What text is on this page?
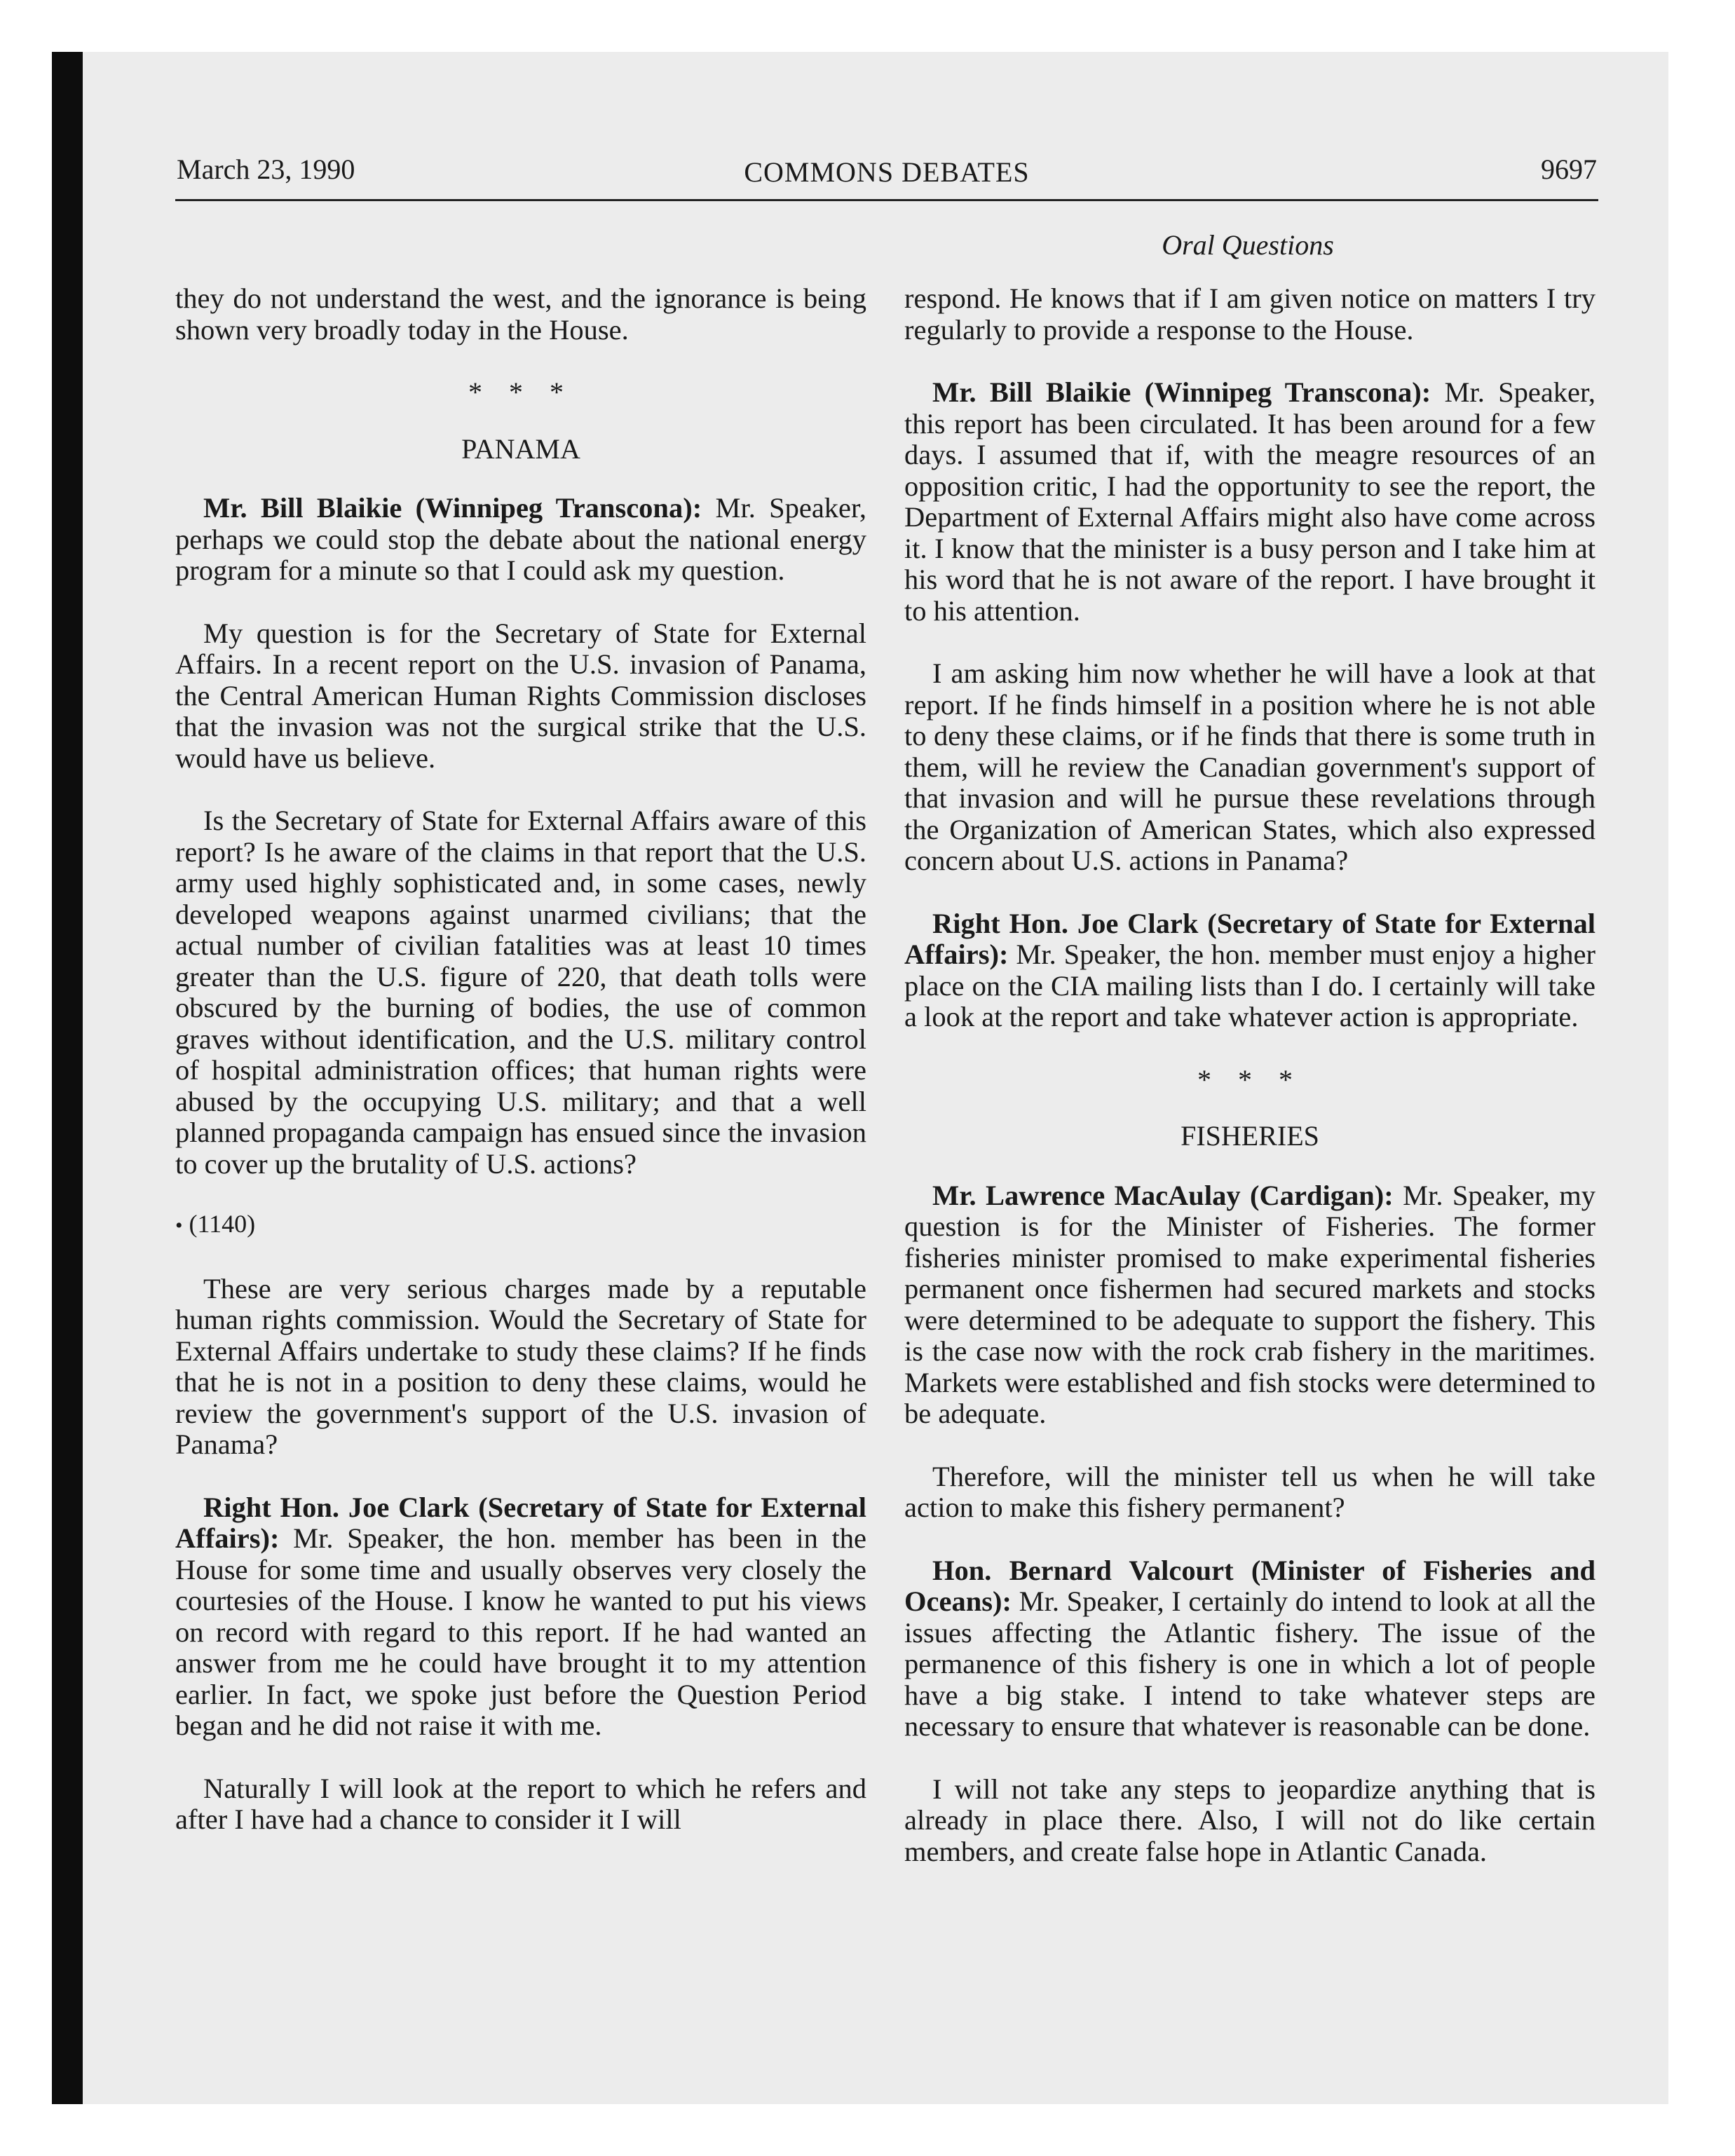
March 23, 1990	COMMONS DEBATES	9697
Oral Questions

they do not understand the west, and the ignorance is being shown very broadly today in the House.

* * *
PANAMA

Mr. Bill Blaikie (Winnipeg Transcona): Mr. Speaker, perhaps we could stop the debate about the national energy program for a minute so that I could ask my question.

My question is for the Secretary of State for External Affairs. In a recent report on the U.S. invasion of Panama, the Central American Human Rights Commission discloses that the invasion was not the surgical strike that the U.S. would have us believe.

Is the Secretary of State for External Affairs aware of this report? Is he aware of the claims in that report that the U.S. army used highly sophisticated and, in some cases, newly developed weapons against unarmed civilians; that the actual number of civilian fatalities was at least 10 times greater than the U.S. figure of 220, that death tolls were obscured by the burning of bodies, the use of common graves without identification, and the U.S. military control of hospital administration offices; that human rights were abused by the occupying U.S. military; and that a well planned propaganda campaign has ensued since the invasion to cover up the brutality of U.S. actions?

• (1140)

These are very serious charges made by a reputable human rights commission. Would the Secretary of State for External Affairs undertake to study these claims? If he finds that he is not in a position to deny these claims, would he review the government's support of the U.S. invasion of Panama?

Right Hon. Joe Clark (Secretary of State for External Affairs): Mr. Speaker, the hon. member has been in the House for some time and usually observes very closely the courtesies of the House. I know he wanted to put his views on record with regard to this report. If he had wanted an answer from me he could have brought it to my attention earlier. In fact, we spoke just before the Question Period began and he did not raise it with me.

Naturally I will look at the report to which he refers and after I have had a chance to consider it I will

respond. He knows that if I am given notice on matters I try regularly to provide a response to the House.

Mr. Bill Blaikie (Winnipeg Transcona): Mr. Speaker, this report has been circulated. It has been around for a few days. I assumed that if, with the meagre resources of an opposition critic, I had the opportunity to see the report, the Department of External Affairs might also have come across it. I know that the minister is a busy person and I take him at his word that he is not aware of the report. I have brought it to his attention.

I am asking him now whether he will have a look at that report. If he finds himself in a position where he is not able to deny these claims, or if he finds that there is some truth in them, will he review the Canadian government's support of that invasion and will he pursue these revelations through the Organization of American States, which also expressed concern about U.S. actions in Panama?

Right Hon. Joe Clark (Secretary of State for External Affairs): Mr. Speaker, the hon. member must enjoy a higher place on the CIA mailing lists than I do. I certainly will take a look at the report and take whatever action is appropriate.

* * *
FISHERIES

Mr. Lawrence MacAulay (Cardigan): Mr. Speaker, my question is for the Minister of Fisheries. The former fisheries minister promised to make experimental fisheries permanent once fishermen had secured markets and stocks were determined to be adequate to support the fishery. This is the case now with the rock crab fishery in the maritimes. Markets were established and fish stocks were determined to be adequate.

Therefore, will the minister tell us when he will take action to make this fishery permanent?

Hon. Bernard Valcourt (Minister of Fisheries and Oceans): Mr. Speaker, I certainly do intend to look at all the issues affecting the Atlantic fishery. The issue of the permanence of this fishery is one in which a lot of people have a big stake. I intend to take whatever steps are necessary to ensure that whatever is reasonable can be done.

I will not take any steps to jeopardize anything that is already in place there. Also, I will not do like certain members, and create false hope in Atlantic Canada.
